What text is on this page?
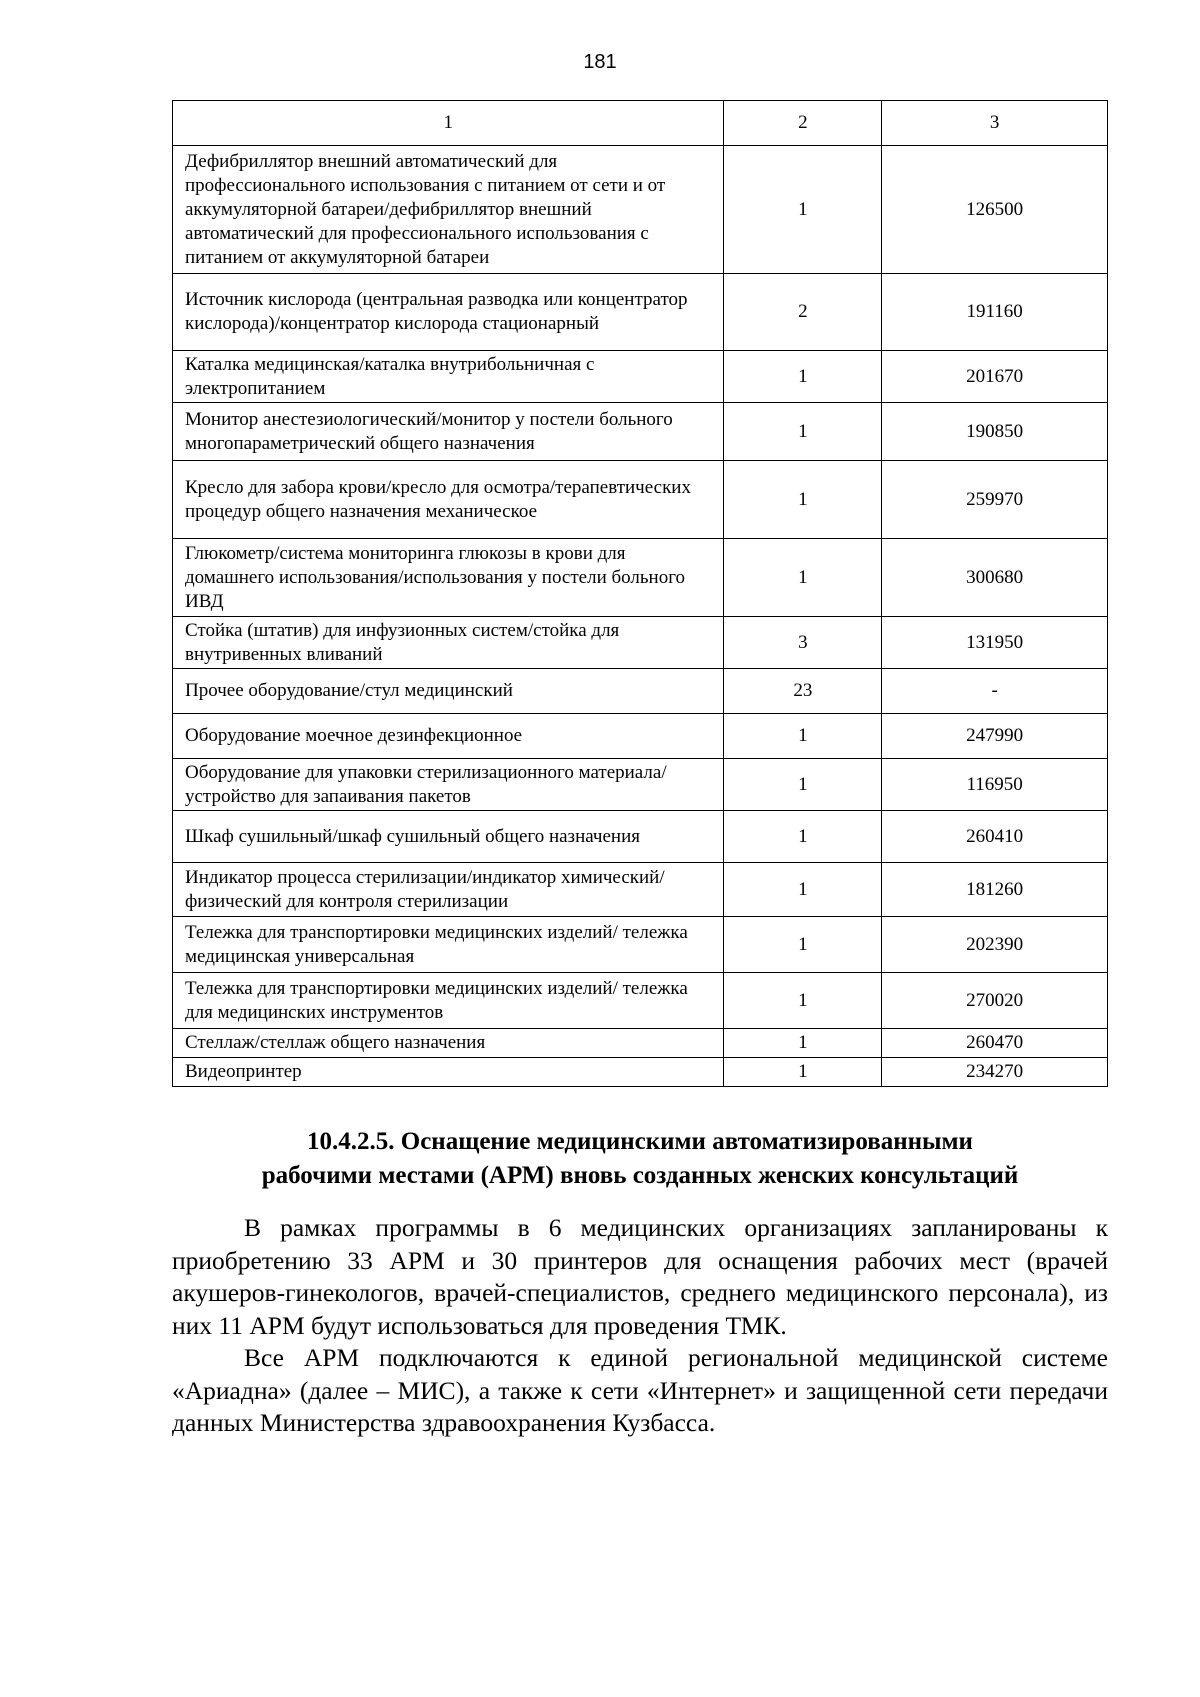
181
1	2	3
Дефибриллятор внешний автоматический для профессионального использования с питанием от сети и от аккумуляторной батареи/дефибриллятор внешний автоматический для профессионального использования с питанием от аккумуляторной батареи	1	126500
Источник кислорода (центральная разводка или концентратор кислорода)/концентратор кислорода стационарный	2	191160
Каталка медицинская/каталка внутрибольничная с электропитанием	1	201670
Монитор анестезиологический/монитор у постели больного многопараметрический общего назначения	1	190850
Кресло для забора крови/кресло для осмотра/терапевтических процедур общего назначения механическое	1	259970
Глюкометр/система мониторинга глюкозы в крови для домашнего использования/использования у постели больного ИВД	1	300680
Стойка (штатив) для инфузионных систем/стойка для внутривенных вливаний	3	131950
Прочее оборудование/стул медицинский	23	-
Оборудование моечное дезинфекционное	1	247990
Оборудование для упаковки стерилизационного материала/устройство для запаивания пакетов	1	116950
Шкаф сушильный/шкаф сушильный общего назначения	1	260410
Индикатор процесса стерилизации/индикатор химический/физический для контроля стерилизации	1	181260
Тележка для транспортировки медицинских изделий/ тележка медицинская универсальная	1	202390
Тележка для транспортировки медицинских изделий/ тележка для медицинских инструментов	1	270020
Стеллаж/стеллаж общего назначения	1	260470
Видеопринтер	1	234270
10.4.2.5. Оснащение медицинскими автоматизированными
рабочими местами (АРМ) вновь созданных женских консультаций

В рамках программы в 6 медицинских организациях запланированы к приобретению 33 АРМ и 30 принтеров для оснащения рабочих мест (врачей акушеров-гинекологов, врачей-специалистов, среднего медицинского персонала), из них 11 АРМ будут использоваться для проведения ТМК.

Все АРМ подключаются к единой региональной медицинской системе «Ариадна» (далее – МИС), а также к сети «Интернет» и защищенной сети передачи данных Министерства здравоохранения Кузбасса.
